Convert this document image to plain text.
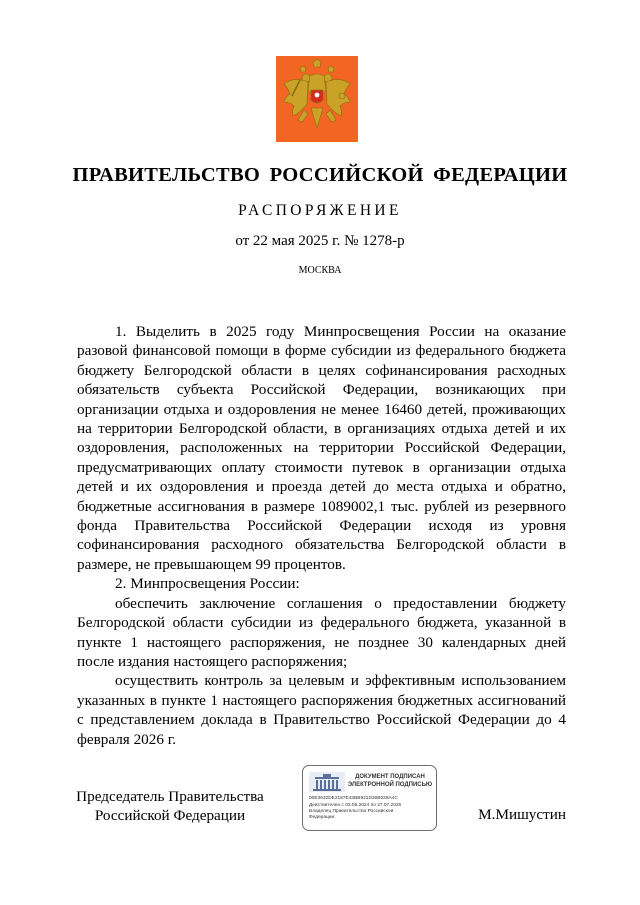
ПРАВИТЕЛЬСТВО РОССИЙСКОЙ ФЕДЕРАЦИИ
РАСПОРЯЖЕНИЕ
от 22 мая 2025 г. № 1278-р
МОСКВА

1. Выделить в 2025 году Минпросвещения России на оказание разовой финансовой помощи в форме субсидии из федерального бюджета бюджету Белгородской области в целях софинансирования расходных обязательств субъекта Российской Федерации, возникающих при организации отдыха и оздоровления не менее 16460 детей, проживающих на территории Белгородской области, в организациях отдыха детей и их оздоровления, расположенных на территории Российской Федерации, предусматривающих оплату стоимости путевок в организации отдыха детей и их оздоровления и проезда детей до места отдыха и обратно, бюджетные ассигнования в размере 1089002,1 тыс. рублей из резервного фонда Правительства Российской Федерации исходя из уровня софинансирования расходного обязательства Белгородской области в размере, не превышающем 99 процентов.

2. Минпросвещения России:

обеспечить заключение соглашения о предоставлении бюджету Белгородской области субсидии из федерального бюджета, указанной в пункте 1 настоящего распоряжения, не позднее 30 календарных дней после издания настоящего распоряжения;

осуществить контроль за целевым и эффективным использованием указанных в пункте 1 настоящего распоряжения бюджетных ассигнований с представлением доклада в Правительство Российской Федерации до 4 февраля 2026 г.

Председатель Правительства
Российской Федерации
ДОКУМЕНТ ПОДПИСАН
ЭЛЕКТРОННОЙ ПОДПИСЬЮ
00E3632DE2197E43BB921D30B028A4C
Действителен с 03.05.2024 по 27.07.2025
Владелец Правительство Российской
Федерации	М.Мишустин
